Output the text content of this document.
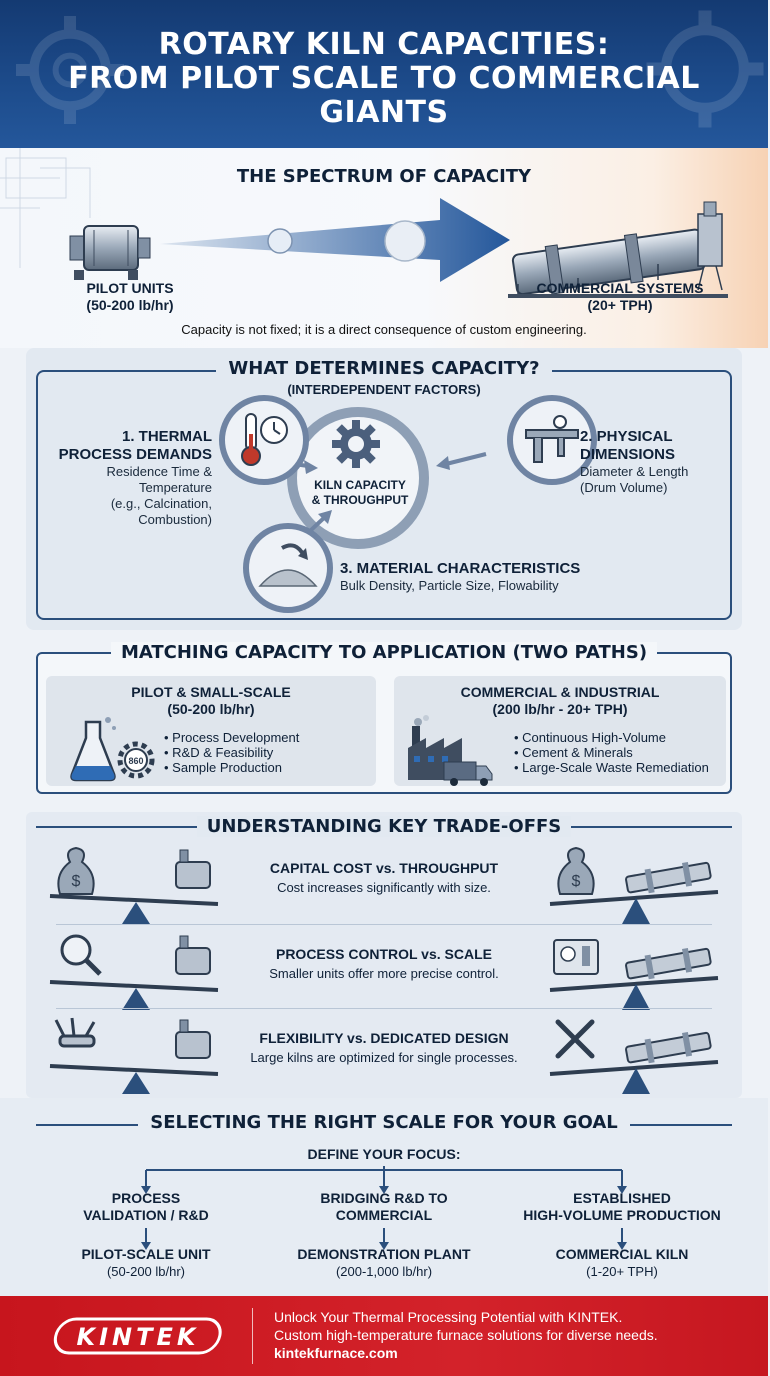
ROTARY KILN CAPACITIES:
FROM PILOT SCALE TO COMMERCIAL GIANTS
THE SPECTRUM OF CAPACITY
PILOT UNITS
(50-200 lb/hr)
COMMERCIAL SYSTEMS
(20+ TPH)
Capacity is not fixed; it is a direct consequence of custom engineering.
WHAT DETERMINES CAPACITY?
(INTERDEPENDENT FACTORS)
KILN CAPACITY
& THROUGHPUT
1. THERMAL
PROCESS DEMANDS
Residence Time &
Temperature
(e.g., Calcination,
Combustion)
2. PHYSICAL
DIMENSIONS
Diameter & Length
(Drum Volume)
3. MATERIAL CHARACTERISTICS
Bulk Density, Particle Size, Flowability
MATCHING CAPACITY TO APPLICATION (TWO PATHS)
PILOT & SMALL-SCALE
(50-200 lb/hr)
860
• Process Development
• R&D & Feasibility
• Sample Production
COMMERCIAL & INDUSTRIAL
(200 lb/hr - 20+ TPH)
• Continuous High-Volume
• Cement & Minerals
• Large-Scale Waste Remediation
UNDERSTANDING KEY TRADE-OFFS
$
CAPITAL COST vs. THROUGHPUT
Cost increases significantly with size.	$
PROCESS CONTROL vs. SCALE
Smaller units offer more precise control.
FLEXIBILITY vs. DEDICATED DESIGN
Large kilns are optimized for single processes.
SELECTING THE RIGHT SCALE FOR YOUR GOAL
DEFINE YOUR FOCUS:
PROCESS
VALIDATION / R&D
PILOT-SCALE UNIT
(50-200 lb/hr)
BRIDGING R&D TO
COMMERCIAL
DEMONSTRATION PLANT
(200-1,000 lb/hr)
ESTABLISHED
HIGH-VOLUME PRODUCTION
COMMERCIAL KILN
(1-20+ TPH)
KINTEK
Unlock Your Thermal Processing Potential with KINTEK.
Custom high-temperature furnace solutions for diverse needs.
kintekfurnace.com
